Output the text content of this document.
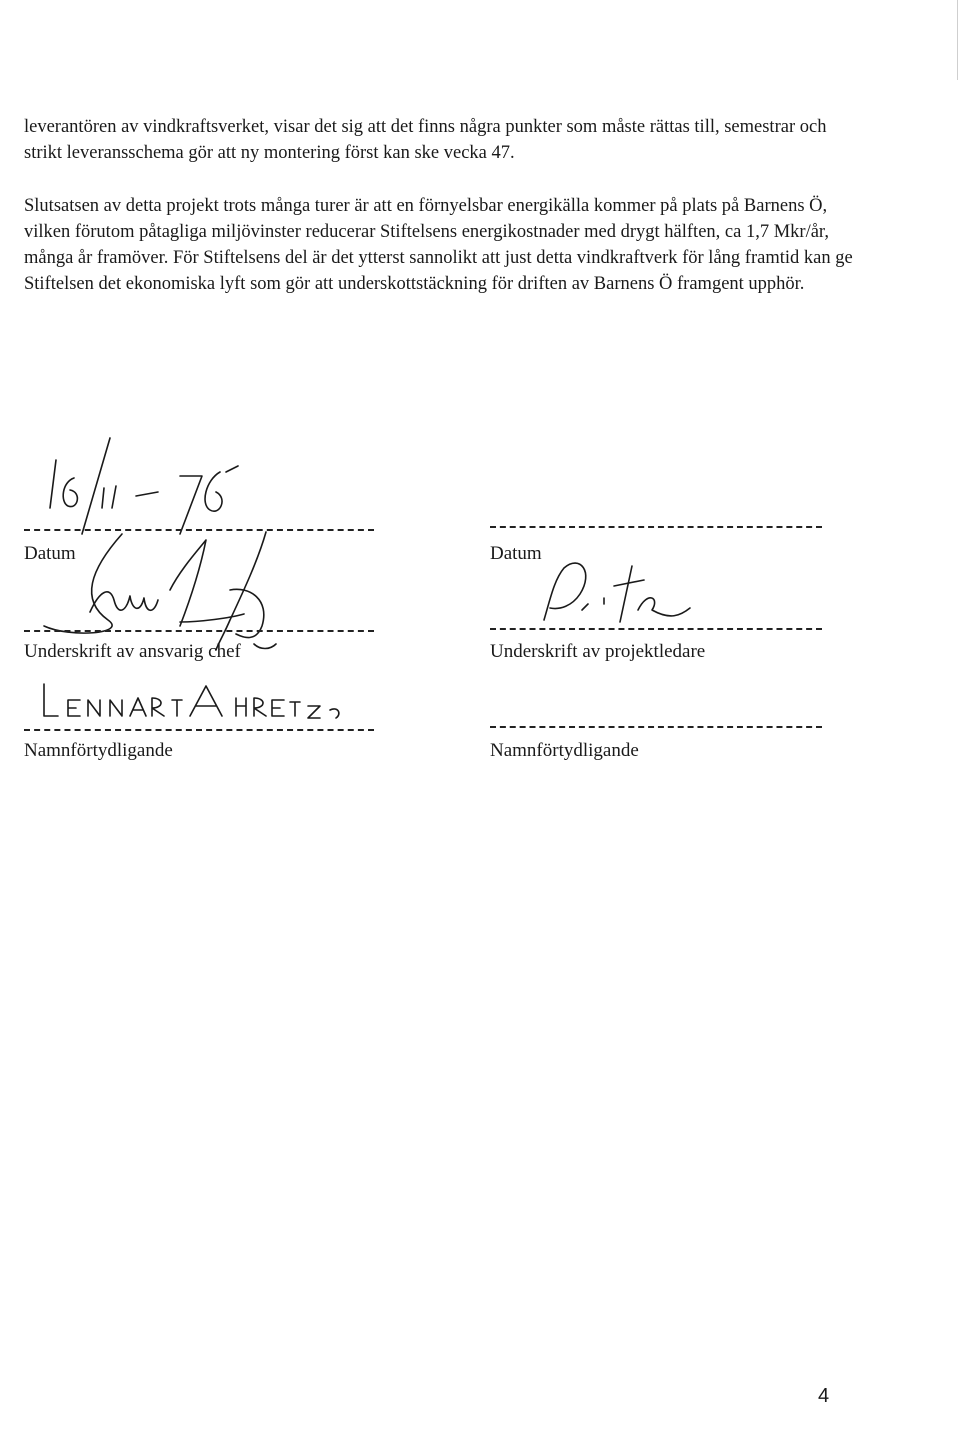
leverantören av vindkraftsverket, visar det sig att det finns några punkter som måste rättas till, semestrar och strikt leveransschema gör att ny montering först kan ske vecka 47.

Slutsatsen av detta projekt trots många turer är att en förnyelsbar energikälla kommer på plats på Barnens Ö, vilken förutom påtagliga miljövinster reducerar Stiftelsens energikostnader med drygt hälften, ca 1,7 Mkr/år, många år framöver. För Stiftelsens del är det ytterst sannolikt att just detta vindkraftverk för lång framtid kan ge Stiftelsen det ekonomiska lyft som gör att underskottstäckning för driften av Barnens Ö framgent upphör.

Datum
Underskrift av ansvarig chef
Namnförtydligande
Datum
Underskrift av projektledare
Namnförtydligande
4
